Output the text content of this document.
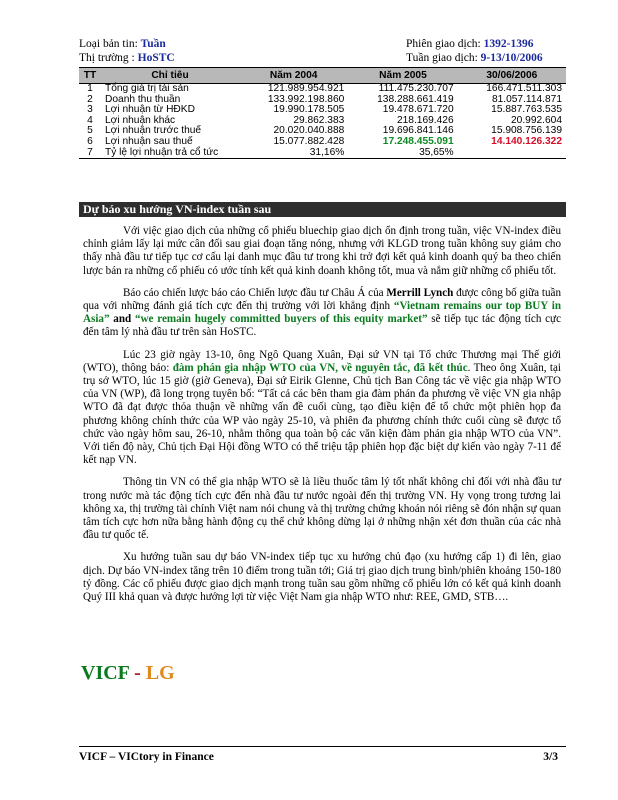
Loại bản tin: Tuần	Phiên giao dịch: 1392-1396
Thị trường : HoSTC	Tuần giao dịch: 9-13/10/2006
TT	Chỉ tiêu	Năm 2004	Năm 2005	30/06/2006
1	Tổng giá trị tài sản	121.989.954.921	111.475.230.707	166.471.511.303
2	Doanh thu thuần	133.992.198.860	138.288.661.419	81.057.114.871
3	Lợi nhuận từ HĐKD	19.990.178.505	19.478.671.720	15.887.763.535
4	Lợi nhuận khác	29.862.383	218.169.426	20.992.604
5	Lợi nhuận trước thuế	20.020.040.888	19.696.841.146	15.908.756.139
6	Lợi nhuận sau thuế	15.077.882.428	17.248.455.091	14.140.126.322
7	Tỷ lệ lợi nhuận trả cổ tức	31,16%	35,65%	
Dự báo xu hướng VN-index tuần sau

Với việc giao dịch của những cổ phiếu bluechip giao dịch ổn định trong tuần, việc VN-index điều chỉnh giảm lấy lại mức cân đối sau giai đoạn tăng nóng, nhưng với KLGD trong tuần không suy giảm cho thấy nhà đầu tư tiếp tục cơ cấu lại danh mục đầu tư trong khi trở đợi kết quả kinh doanh quý ba theo chiến lược bán ra những cổ phiếu có ước tính kết quả kinh doanh không tốt, mua và nắm giữ những cổ phiếu tốt.

Báo cáo chiến lược báo cáo Chiến lược đầu tư Châu Á của Merrill Lynch được công bố giữa tuần qua với những đánh giá tích cực đến thị trường với lời khẳng định “Vietnam remains our top BUY in Asia” and “we remain hugely committed buyers of this equity market” sẽ tiếp tục tác động tích cực đến tâm lý nhà đầu tư trên sàn HoSTC.

Lúc 23 giờ ngày 13-10, ông Ngô Quang Xuân, Đại sứ VN tại Tổ chức Thương mại Thế giới (WTO), thông báo: đàm phán gia nhập WTO của VN, về nguyên tắc, đã kết thúc. Theo ông Xuân, tại trụ sở WTO, lúc 15 giờ (giờ Geneva), Đại sứ Eirik Glenne, Chủ tịch Ban Công tác về việc gia nhập WTO của VN (WP), đã long trọng tuyên bố: “Tất cả các bên tham gia đàm phán đa phương về việc VN gia nhập WTO đã đạt được thỏa thuận về những vấn đề cuối cùng, tạo điều kiện để tổ chức một phiên họp đa phương không chính thức của WP vào ngày 25-10, và phiên đa phương chính thức cuối cùng sẽ được tổ chức vào ngày hôm sau, 26-10, nhằm thông qua toàn bộ các văn kiện đàm phán gia nhập WTO của VN”. Với tiến độ này, Chủ tịch Đại Hội đồng WTO có thể triệu tập phiên họp đặc biệt dự kiến vào ngày 7-11 để kết nạp VN.

Thông tin VN có thể gia nhập WTO sẽ là liều thuốc tâm lý tốt nhất không chỉ đối với nhà đầu tư trong nước mà tác động tích cực đến nhà đầu tư nước ngoài đến thị trường VN. Hy vọng trong tương lai không xa, thị trường tài chính Việt nam nói chung và thị trường chứng khoán nói riêng sẽ đón nhận sự quan tâm tích cực hơn nữa bằng hành động cụ thể chứ không dừng lại ở những nhận xét đơn thuần của các nhà đầu tư quốc tế.

Xu hướng tuần sau dự báo VN-index tiếp tục xu hướng chủ đạo (xu hướng cấp 1) đi lên, giao dịch. Dự báo VN-index tăng trên 10 điểm trong tuần tới; Giá trị giao dịch trung bình/phiên khoảng 150-180 tỷ đồng. Các cổ phiếu được giao dịch mạnh trong tuần sau gồm những cổ phiếu lớn có kết quả kinh doanh Quý III khả quan và được hưởng lợi từ việc Việt Nam gia nhập WTO như: REE, GMD, STB….

VICF - LG
VICF – VICtory in Finance	3/3
